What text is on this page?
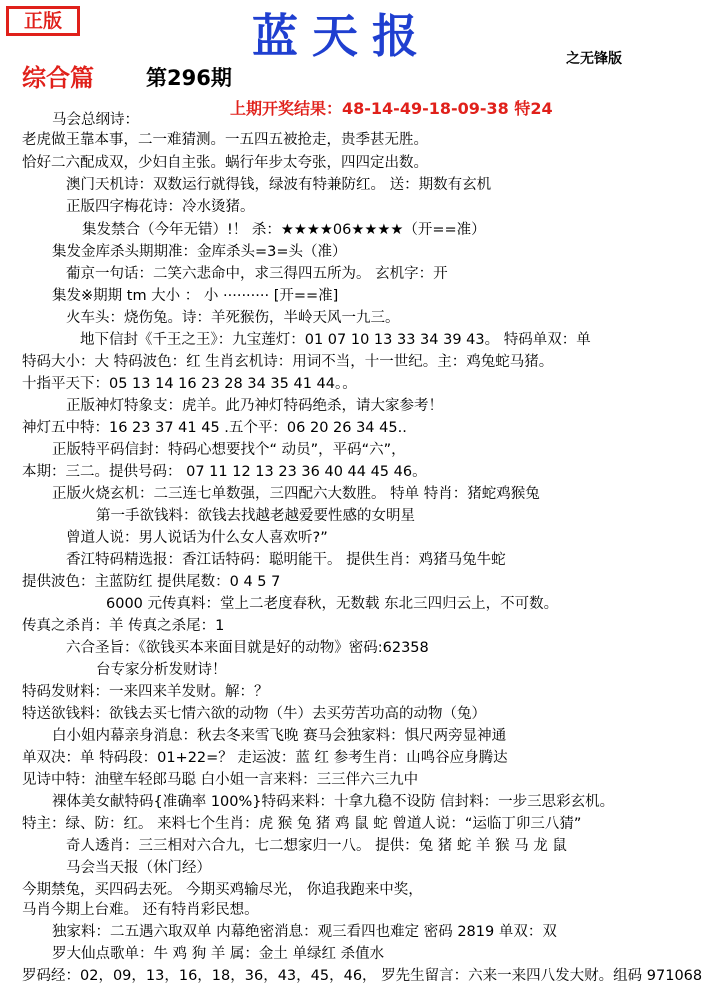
正版	蓝天报	之无锋版
综合篇 第296期
上期开奖结果：48-14-49-18-09-38 特24
马会总纲诗：
老虎做王靠本事，二一难猜测。一五四五被抢走，贵季甚无胜。
恰好二六配成双，少妇自主张。蜗行年步太夸张，四四定出数。
澳门天机诗：双数运行就得钱，绿波有特兼防红。 送：期数有玄机
正版四字梅花诗：冷水烫猪。
集发禁合（今年无错）!！ 杀：★★★★06★★★★（开==准）
集发金库杀头期期准：金库杀头=3=头（准）
葡京一句话：二笑六悲命中，求三得四五所为。 玄机字：开
集发※期期 tm 大小 ： 小 ·········· [开==准]
火车头：烧伤兔。诗：羊死猴伤，半岭天风一九三。
地下信封《千王之王》：九宝莲灯：01 07 10 13 33 34 39 43。 特码单双：单
特码大小：大 特码波色：红 生肖玄机诗：用词不当，十一世纪。主：鸡兔蛇马猪。
十指平天下：05 13 14 16 23 28 34 35 41 44。。
正版神灯特象支：虎羊。此乃神灯特码绝杀，请大家参考！
神灯五中特：16 23 37 41 45 .五个平：06 20 26 34 45..
正版特平码信封：特码心想要找个“ 动员”，平码“六”，
本期：三二。提供号码： 07 11 12 13 23 36 40 44 45 46。
正版火烧玄机：二三连七单数强，三四配六大数胜。 特单 特肖：猪蛇鸡猴兔
第一手欲钱料：欲钱去找越老越爱要性感的女明星
曾道人说：男人说话为什么女人喜欢听?”
香江特码精选报：香江话特码：聪明能干。 提供生肖：鸡猪马兔牛蛇
提供波色：主蓝防红 提供尾数：0 4 5 7
6000 元传真料：堂上二老度春秋，无数载 东北三四归云上，不可数。
传真之杀肖：羊 传真之杀尾：1
六合圣旨：《欲钱买本来面目就是好的动物》密码:62358
台专家分析发财诗！
特码发财料：一来四来羊发财。解：？
特送欲钱料：欲钱去买七情六欲的动物（牛）去买劳苦功高的动物（兔）
白小姐内幕亲身消息：秋去冬来雪飞晚 赛马会独家料：惧尺两旁显神通
单双决：单 特码段：01+22=？ 走运波：蓝 红 参考生肖：山鸣谷应身腾达
见诗中特：油壁车轻郎马聪 白小姐一言来料：三三伴六三九中
裸体美女献特码{准确率 100%}特码来料：十拿九稳不设防 信封料：一步三思彩玄机。
特主：绿、防：红。 来料七个生肖：虎 猴 兔 猪 鸡 鼠 蛇 曾道人说：“运临丁卯三八猜”
奇人透肖：三三相对六合九，七二想家归一八。 提供：兔 猪 蛇 羊 猴 马 龙 鼠
马会当天报（休门经）
今期禁兔，买四码去死。 今期买鸡输尽光， 你追我跑来中奖，
马肖今期上台难。 还有特肖彩民想。
独家料：二五遇六取双单 内幕绝密消息：观三看四也难定 密码 2819 单双：双
罗大仙点歌单：牛 鸡 狗 羊 属：金土 单绿红 杀值水
罗码经：02，09，13，16，18，36，43，45，46， 罗先生留言：六来一来四八发大财。组码 971068
